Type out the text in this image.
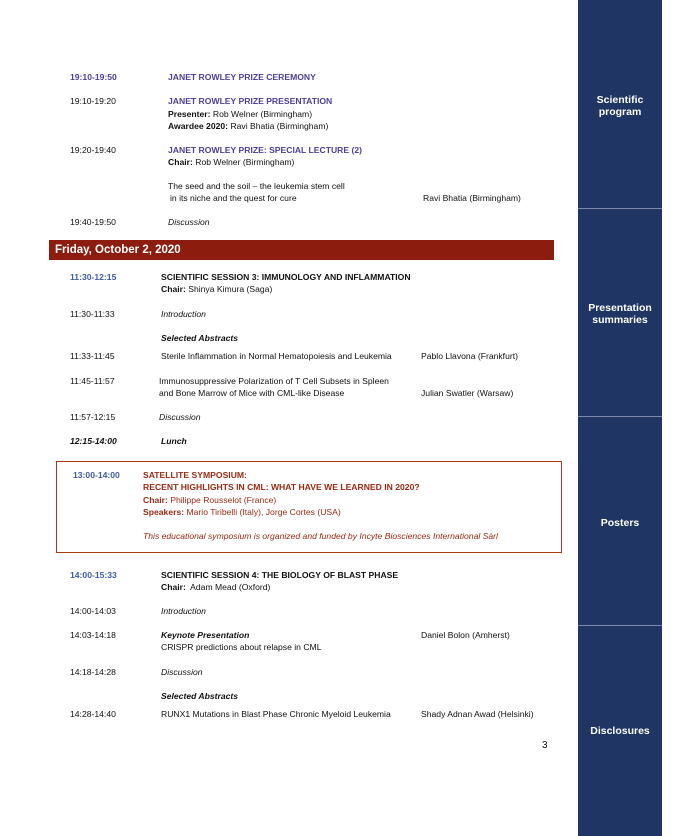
Scientific
program
Presentation
summaries
Posters
Disclosures
19:10-19:50	JANET ROWLEY PRIZE CEREMONY
19:10-19:20	JANET ROWLEY PRIZE PRESENTATION
Presenter: Rob Welner (Birmingham)
Awardee 2020: Ravi Bhatia (Birmingham)
19:20-19:40	JANET ROWLEY PRIZE: SPECIAL LECTURE (2)
Chair: Rob Welner (Birmingham)
The seed and the soil – the leukemia stem cell
in its niche and the quest for cure	Ravi Bhatia (Birmingham)
19:40-19:50	Discussion
Friday, October 2, 2020
11:30-12:15	SCIENTIFIC SESSION 3: IMMUNOLOGY AND INFLAMMATION
Chair: Shinya Kimura (Saga)
11:30-11:33	Introduction
Selected Abstracts
11:33-11:45	Sterile Inflammation in Normal Hematopoiesis and Leukemia	Pablo Llavona (Frankfurt)
11:45-11:57	Immunosuppressive Polarization of T Cell Subsets in Spleen
and Bone Marrow of Mice with CML-like Disease	Julian Swatler (Warsaw)
11:57-12:15	Discussion
12:15-14:00	Lunch
13:00-14:00	SATELLITE SYMPOSIUM:
RECENT HIGHLIGHTS IN CML: WHAT HAVE WE LEARNED IN 2020?
Chair: Philippe Rousselot (France)
Speakers: Mario Tiribelli (Italy), Jorge Cortes (USA)
This educational symposium is organized and funded by Incyte Biosciences International Sàrl
14:00-15:33	SCIENTIFIC SESSION 4: THE BIOLOGY OF BLAST PHASE
Chair: Adam Mead (Oxford)
14:00-14:03	Introduction
14:03-14:18	Keynote Presentation	Daniel Bolon (Amherst)
CRISPR predictions about relapse in CML
14:18-14:28	Discussion
Selected Abstracts
14:28-14:40	RUNX1 Mutations in Blast Phase Chronic Myeloid Leukemia	Shady Adnan Awad (Helsinki)
3
